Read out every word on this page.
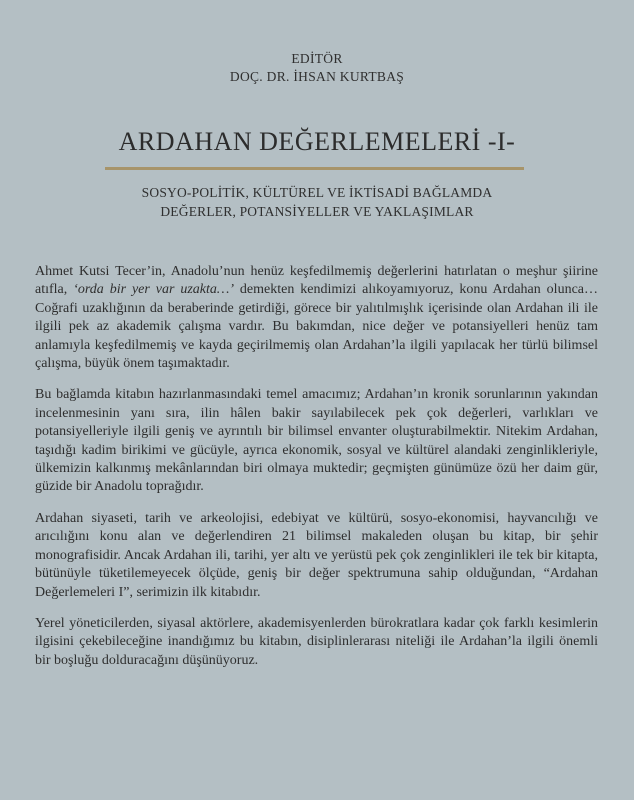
EDİTÖR
DOÇ. DR. İHSAN KURTBAŞ
ARDAHAN DEĞERLEMELERİ -I-
SOSYO-POLİTİK, KÜLTÜREL VE İKTİSADİ BAĞLAMDA
DEĞERLER, POTANSİYELLER VE YAKLAŞIMLAR

Ahmet Kutsi Tecer’in, Anadolu’nun henüz keşfedilmemiş değerlerini hatırlatan o meşhur şiirine atıfla, ‘orda bir yer var uzakta…’ demekten kendimizi alıkoyamıyoruz, konu Ardahan olunca… Coğrafi uzaklığının da beraberinde getirdiği, görece bir yalıtılmışlık içerisinde olan Ardahan ili ile ilgili pek az akademik çalışma vardır. Bu bakımdan, nice değer ve potansiyelleri henüz tam anlamıyla keşfedilmemiş ve kayda geçirilmemiş olan Ardahan’la ilgili yapılacak her türlü bilimsel çalışma, büyük önem taşımaktadır.

Bu bağlamda kitabın hazırlanmasındaki temel amacımız; Ardahan’ın kronik sorunlarının yakından incelenmesinin yanı sıra, ilin hâlen bakir sayılabilecek pek çok değerleri, varlıkları ve potansiyelleriyle ilgili geniş ve ayrıntılı bir bilimsel envanter oluşturabilmektir. Nitekim Ardahan, taşıdığı kadim birikimi ve gücüyle, ayrıca ekonomik, sosyal ve kültürel alandaki zenginlikleriyle, ülkemizin kalkınmış mekânlarından biri olmaya muktedir; geçmişten günümüze özü her daim gür, güzide bir Anadolu toprağıdır.

Ardahan siyaseti, tarih ve arkeolojisi, edebiyat ve kültürü, sosyo-ekonomisi, hayvancılığı ve arıcılığını konu alan ve değerlendiren 21 bilimsel makaleden oluşan bu kitap, bir şehir monografisidir. Ancak Ardahan ili, tarihi, yer altı ve yerüstü pek çok zenginlikleri ile tek bir kitapta, bütünüyle tüketilemeyecek ölçüde, geniş bir değer spektrumuna sahip olduğundan, “Ardahan Değerlemeleri I”, serimizin ilk kitabıdır.

Yerel yöneticilerden, siyasal aktörlere, akademisyenlerden bürokratlara kadar çok farklı kesimlerin ilgisini çekebileceğine inandığımız bu kitabın, disiplinlerarası niteliği ile Ardahan’la ilgili önemli bir boşluğu dolduracağını düşünüyoruz.
